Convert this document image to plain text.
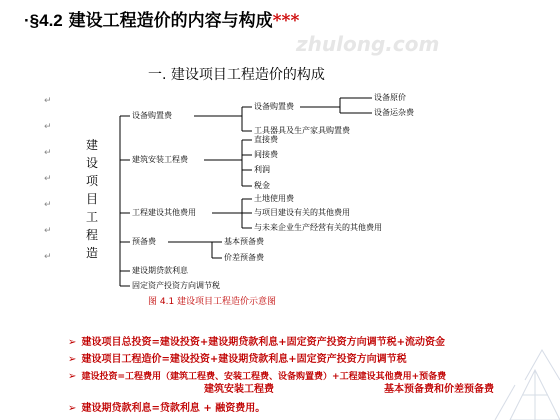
·§4.2 建设工程造价的内容与构成***
zhulong.com
一. 建设项目工程造价的构成
建
设
项
目
工
程
造
设备购置费
建筑安装工程费
工程建设其他费用
预备费
建设期贷款利息
固定资产投资方向调节税
设备购置费
工具器具及生产家具购置费
设备原价
设备运杂费
直接费
间接费
利润
税金
土地使用费
与项目建设有关的其他费用
与未来企业生产经营有关的其他费用
基本预备费
价差预备费
↵
↵
↵
↵
↵
↵
↵
图 4.1 建设项目工程造价示意图
➢ 建设项目总投资=建设投资+建设期贷款利息+固定资产投资方向调节税+流动资金
➢ 建设项目工程造价=建设投资+建设期贷款利息+固定资产投资方向调节税
➢ 建设投资=工程费用（建筑工程费、安装工程费、设备购置费）+工程建设其他费用+预备费
建筑安装工程费	基本预备费和价差预备费
➢ 建设期贷款利息=贷款利息 + 融资费用。
